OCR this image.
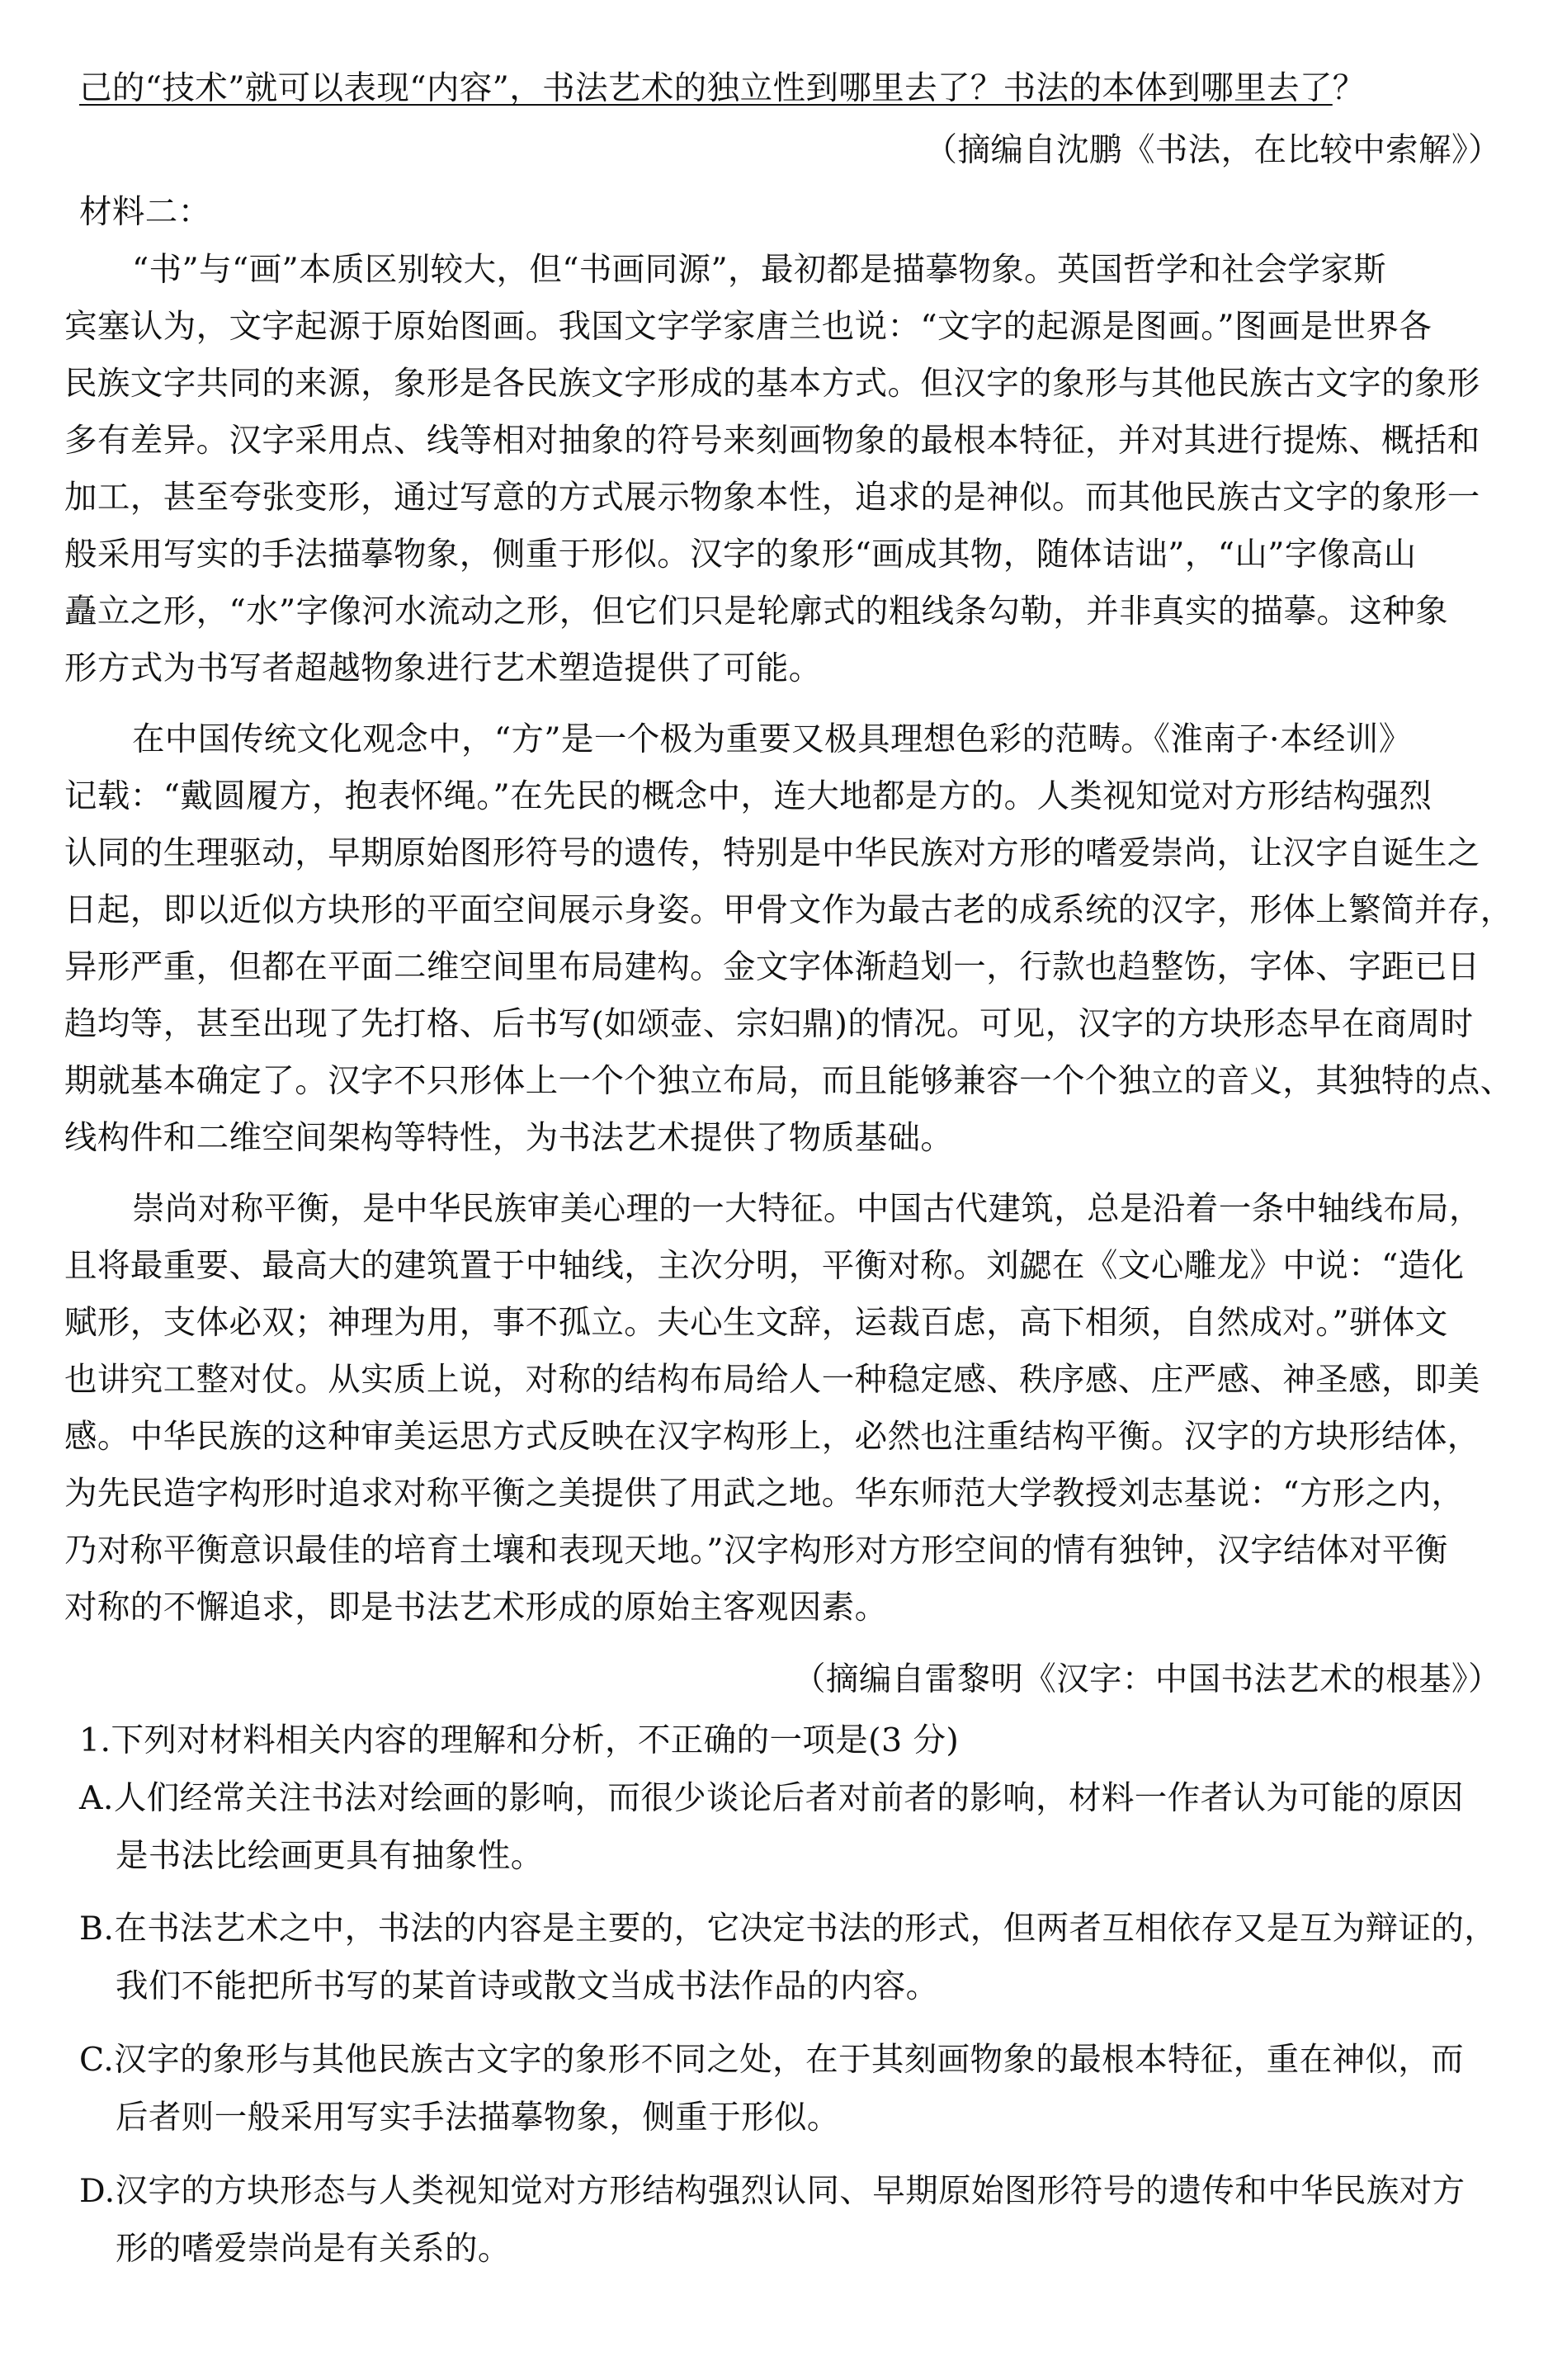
己的“技术”就可以表现“内容”，书法艺术的独立性到哪里去了？书法的本体到哪里去了？
（摘编自沈鹏《书法，在比较中索解》）
材料二：
“书”与“画”本质区别较大，但“书画同源”，最初都是描摹物象。英国哲学和社会学家斯
宾塞认为，文字起源于原始图画。我国文字学家唐兰也说：“文字的起源是图画。”图画是世界各
民族文字共同的来源，象形是各民族文字形成的基本方式。但汉字的象形与其他民族古文字的象形
多有差异。汉字采用点、线等相对抽象的符号来刻画物象的最根本特征，并对其进行提炼、概括和
加工，甚至夸张变形，通过写意的方式展示物象本性，追求的是神似。而其他民族古文字的象形一
般采用写实的手法描摹物象，侧重于形似。汉字的象形“画成其物，随体诘诎”，“山”字像高山
矗立之形，“水”字像河水流动之形，但它们只是轮廓式的粗线条勾勒，并非真实的描摹。这种象
形方式为书写者超越物象进行艺术塑造提供了可能。
在中国传统文化观念中，“方”是一个极为重要又极具理想色彩的范畴。《淮南子·本经训》
记载：“戴圆履方，抱表怀绳。”在先民的概念中，连大地都是方的。人类视知觉对方形结构强烈
认同的生理驱动，早期原始图形符号的遗传，特别是中华民族对方形的嗜爱崇尚，让汉字自诞生之
日起，即以近似方块形的平面空间展示身姿。甲骨文作为最古老的成系统的汉字，形体上繁简并存，
异形严重，但都在平面二维空间里布局建构。金文字体渐趋划一，行款也趋整饬，字体、字距已日
趋均等，甚至出现了先打格、后书写(如颂壶、宗妇鼎)的情况。可见，汉字的方块形态早在商周时
期就基本确定了。汉字不只形体上一个个独立布局，而且能够兼容一个个独立的音义，其独特的点、
线构件和二维空间架构等特性，为书法艺术提供了物质基础。
崇尚对称平衡，是中华民族审美心理的一大特征。中国古代建筑，总是沿着一条中轴线布局，
且将最重要、最高大的建筑置于中轴线，主次分明，平衡对称。刘勰在《文心雕龙》中说：“造化
赋形，支体必双；神理为用，事不孤立。夫心生文辞，运裁百虑，高下相须，自然成对。”骈体文
也讲究工整对仗。从实质上说，对称的结构布局给人一种稳定感、秩序感、庄严感、神圣感，即美
感。中华民族的这种审美运思方式反映在汉字构形上，必然也注重结构平衡。汉字的方块形结体，
为先民造字构形时追求对称平衡之美提供了用武之地。华东师范大学教授刘志基说：“方形之内，
乃对称平衡意识最佳的培育土壤和表现天地。”汉字构形对方形空间的情有独钟，汉字结体对平衡
对称的不懈追求，即是书法艺术形成的原始主客观因素。
（摘编自雷黎明《汉字：中国书法艺术的根基》）
1.下列对材料相关内容的理解和分析，不正确的一项是(3 分)
A.人们经常关注书法对绘画的影响，而很少谈论后者对前者的影响，材料一作者认为可能的原因
是书法比绘画更具有抽象性。
B.在书法艺术之中，书法的内容是主要的，它决定书法的形式，但两者互相依存又是互为辩证的，
我们不能把所书写的某首诗或散文当成书法作品的内容。
C.汉字的象形与其他民族古文字的象形不同之处，在于其刻画物象的最根本特征，重在神似，而
后者则一般采用写实手法描摹物象，侧重于形似。
D.汉字的方块形态与人类视知觉对方形结构强烈认同、早期原始图形符号的遗传和中华民族对方
形的嗜爱崇尚是有关系的。
